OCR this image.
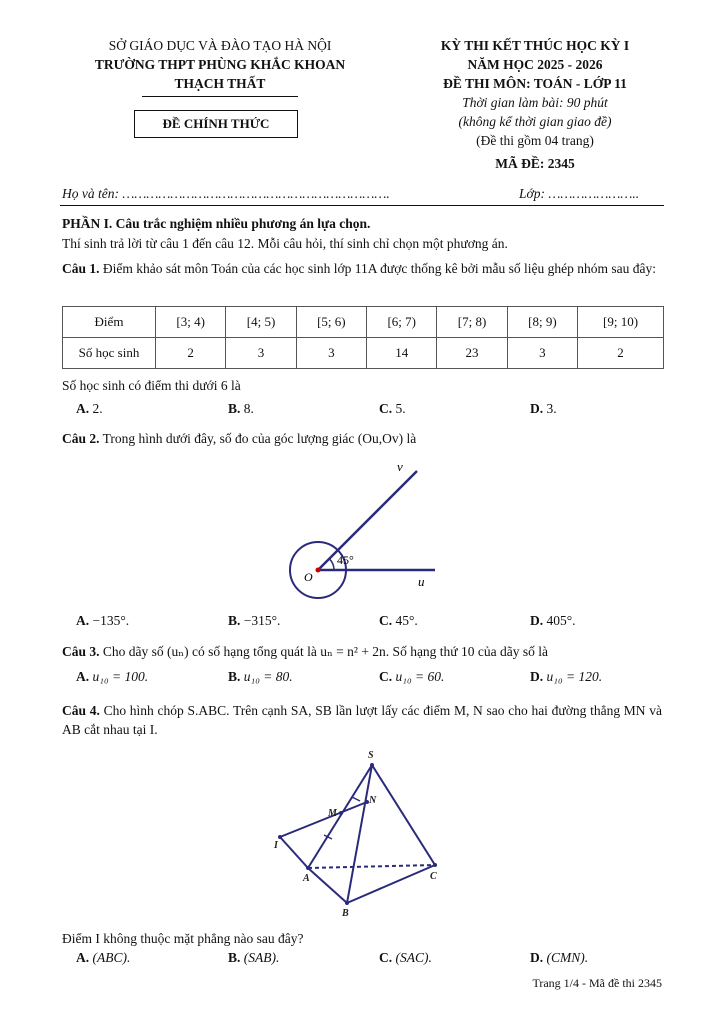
SỞ GIÁO DỤC VÀ ĐÀO TẠO HÀ NỘI
TRƯỜNG THPT PHÙNG KHẮC KHOAN
THẠCH THẤT
ĐỀ CHÍNH THỨC
KỲ THI KẾT THÚC HỌC KỲ I
NĂM HỌC 2025 - 2026
ĐỀ THI MÔN: TOÁN - LỚP 11
Thời gian làm bài: 90 phút
(không kể thời gian giao đề)
(Đề thi gồm 04 trang)
MÃ ĐỀ: 2345
Họ và tên: ………………………………………………………….	Lớp: …………………..
PHẦN I. Câu trắc nghiệm nhiều phương án lựa chọn.
Thí sinh trả lời từ câu 1 đến câu 12. Mỗi câu hỏi, thí sinh chỉ chọn một phương án.
Câu 1. Điểm khảo sát môn Toán của các học sinh lớp 11A được thống kê bởi mẫu số liệu ghép nhóm sau đây:
Điểm	[3; 4)	[4; 5)	[5; 6)	[6; 7)	[7; 8)	[8; 9)	[9; 10)
Số học sinh	2	3	3	14	23	3	2
Số học sinh có điểm thi dưới 6 là
A. 2.	B. 8.	C. 5.	D. 3.
Câu 2. Trong hình dưới đây, số đo của góc lượng giác (Ou,Ov) là
v
O	u
45°
A. −135°.	B. −315°.	C. 45°.	D. 405°.
Câu 3. Cho dãy số (uₙ) có số hạng tổng quát là uₙ = n² + 2n. Số hạng thứ 10 của dãy số là
A. u₁₀ = 100.	B. u₁₀ = 80.	C. u₁₀ = 60.	D. u₁₀ = 120.
Câu 4. Cho hình chóp S.ABC. Trên cạnh SA, SB lần lượt lấy các điểm M, N sao cho hai đường thẳng MN và AB cắt nhau tại I.
S
M
N
I
A
B
C
Điểm I không thuộc mặt phẳng nào sau đây?
A. (ABC).	B. (SAB).	C. (SAC).	D. (CMN).
Trang 1/4 - Mã đề thi 2345
